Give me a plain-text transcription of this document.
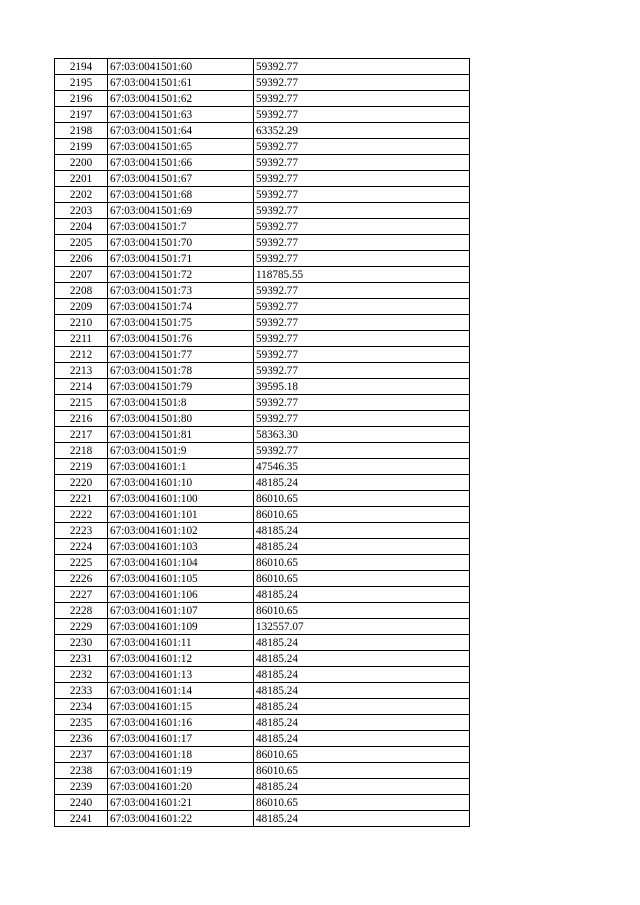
2194	67:03:0041501:60	59392.77
2195	67:03:0041501:61	59392.77
2196	67:03:0041501:62	59392.77
2197	67:03:0041501:63	59392.77
2198	67:03:0041501:64	63352.29
2199	67:03:0041501:65	59392.77
2200	67:03:0041501:66	59392.77
2201	67:03:0041501:67	59392.77
2202	67:03:0041501:68	59392.77
2203	67:03:0041501:69	59392.77
2204	67:03:0041501:7	59392.77
2205	67:03:0041501:70	59392.77
2206	67:03:0041501:71	59392.77
2207	67:03:0041501:72	118785.55
2208	67:03:0041501:73	59392.77
2209	67:03:0041501:74	59392.77
2210	67:03:0041501:75	59392.77
2211	67:03:0041501:76	59392.77
2212	67:03:0041501:77	59392.77
2213	67:03:0041501:78	59392.77
2214	67:03:0041501:79	39595.18
2215	67:03:0041501:8	59392.77
2216	67:03:0041501:80	59392.77
2217	67:03:0041501:81	58363.30
2218	67:03:0041501:9	59392.77
2219	67:03:0041601:1	47546.35
2220	67:03:0041601:10	48185.24
2221	67:03:0041601:100	86010.65
2222	67:03:0041601:101	86010.65
2223	67:03:0041601:102	48185.24
2224	67:03:0041601:103	48185.24
2225	67:03:0041601:104	86010.65
2226	67:03:0041601:105	86010.65
2227	67:03:0041601:106	48185.24
2228	67:03:0041601:107	86010.65
2229	67:03:0041601:109	132557.07
2230	67:03:0041601:11	48185.24
2231	67:03:0041601:12	48185.24
2232	67:03:0041601:13	48185.24
2233	67:03:0041601:14	48185.24
2234	67:03:0041601:15	48185.24
2235	67:03:0041601:16	48185.24
2236	67:03:0041601:17	48185.24
2237	67:03:0041601:18	86010.65
2238	67:03:0041601:19	86010.65
2239	67:03:0041601:20	48185.24
2240	67:03:0041601:21	86010.65
2241	67:03:0041601:22	48185.24
